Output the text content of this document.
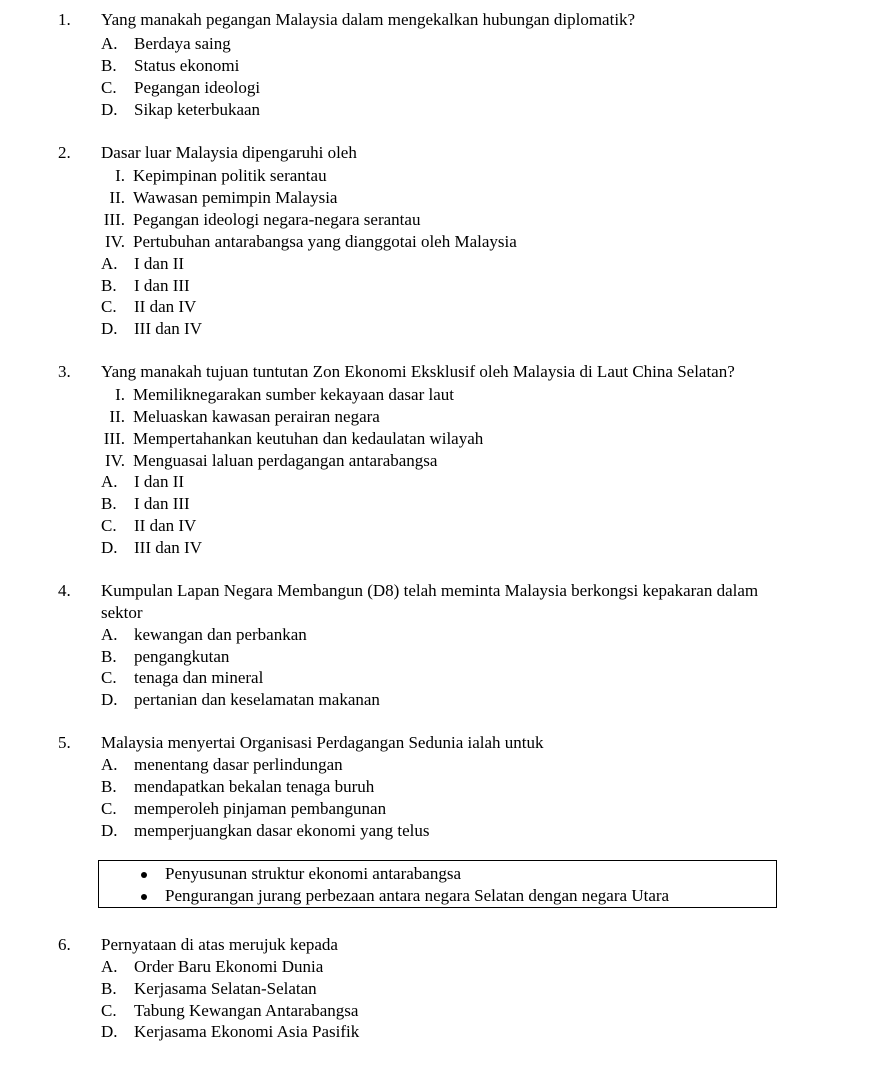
1. Yang manakah pegangan Malaysia dalam mengekalkan hubungan diplomatik?
A. Berdaya saing
B. Status ekonomi
C. Pegangan ideologi
D. Sikap keterbukaan
2. Dasar luar Malaysia dipengaruhi oleh
I. Kepimpinan politik serantau
II. Wawasan pemimpin Malaysia
III. Pegangan ideologi negara-negara serantau
IV. Pertubuhan antarabangsa yang dianggotai oleh Malaysia
A. I dan II
B. I dan III
C. II dan IV
D. III dan IV
3. Yang manakah tujuan tuntutan Zon Ekonomi Eksklusif oleh Malaysia di Laut China Selatan?
I. Memiliknegarakan sumber kekayaan dasar laut
II. Meluaskan kawasan perairan negara
III. Mempertahankan keutuhan dan kedaulatan wilayah
IV. Menguasai laluan perdagangan antarabangsa
A. I dan II
B. I dan III
C. II dan IV
D. III dan IV
4. Kumpulan Lapan Negara Membangun (D8) telah meminta Malaysia berkongsi kepakaran dalam
sektor
A. kewangan dan perbankan
B. pengangkutan
C. tenaga dan mineral
D. pertanian dan keselamatan makanan
5. Malaysia menyertai Organisasi Perdagangan Sedunia ialah untuk
A. menentang dasar perlindungan
B. mendapatkan bekalan tenaga buruh
C. memperoleh pinjaman pembangunan
D. memperjuangkan dasar ekonomi yang telus
Penyusunan struktur ekonomi antarabangsa
Pengurangan jurang perbezaan antara negara Selatan dengan negara Utara
6. Pernyataan di atas merujuk kepada
A. Order Baru Ekonomi Dunia
B. Kerjasama Selatan-Selatan
C. Tabung Kewangan Antarabangsa
D. Kerjasama Ekonomi Asia Pasifik
